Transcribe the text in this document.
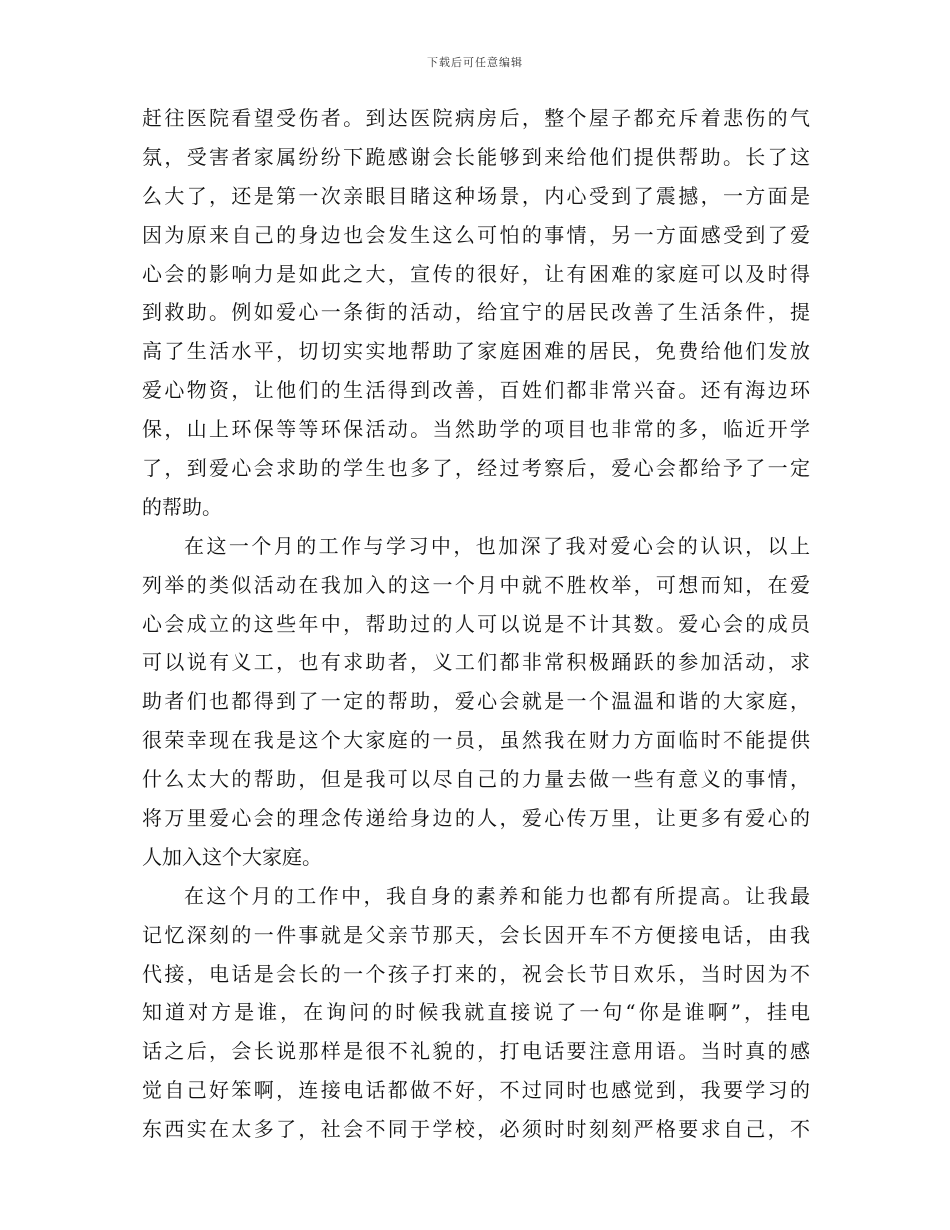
下载后可任意编辑
赶往医院看望受伤者。到达医院病房后，整个屋子都充斥着悲伤的气
氛，受害者家属纷纷下跪感谢会长能够到来给他们提供帮助。长了这
么大了，还是第一次亲眼目睹这种场景，内心受到了震撼，一方面是
因为原来自己的身边也会发生这么可怕的事情，另一方面感受到了爱
心会的影响力是如此之大，宣传的很好，让有困难的家庭可以及时得
到救助。例如爱心一条街的活动，给宜宁的居民改善了生活条件，提
高了生活水平，切切实实地帮助了家庭困难的居民，免费给他们发放
爱心物资，让他们的生活得到改善，百姓们都非常兴奋。还有海边环
保，山上环保等等环保活动。当然助学的项目也非常的多，临近开学
了，到爱心会求助的学生也多了，经过考察后，爱心会都给予了一定
的帮助。
在这一个月的工作与学习中，也加深了我对爱心会的认识，以上
列举的类似活动在我加入的这一个月中就不胜枚举，可想而知，在爱
心会成立的这些年中，帮助过的人可以说是不计其数。爱心会的成员
可以说有义工，也有求助者，义工们都非常积极踊跃的参加活动，求
助者们也都得到了一定的帮助，爱心会就是一个温温和谐的大家庭，
很荣幸现在我是这个大家庭的一员，虽然我在财力方面临时不能提供
什么太大的帮助，但是我可以尽自己的力量去做一些有意义的事情，
将万里爱心会的理念传递给身边的人，爱心传万里，让更多有爱心的
人加入这个大家庭。
在这个月的工作中，我自身的素养和能力也都有所提高。让我最
记忆深刻的一件事就是父亲节那天，会长因开车不方便接电话，由我
代接，电话是会长的一个孩子打来的，祝会长节日欢乐，当时因为不
知道对方是谁，在询问的时候我就直接说了一句“你是谁啊”，挂电
话之后，会长说那样是很不礼貌的，打电话要注意用语。当时真的感
觉自己好笨啊，连接电话都做不好，不过同时也感觉到，我要学习的
东西实在太多了，社会不同于学校，必须时时刻刻严格要求自己，不
